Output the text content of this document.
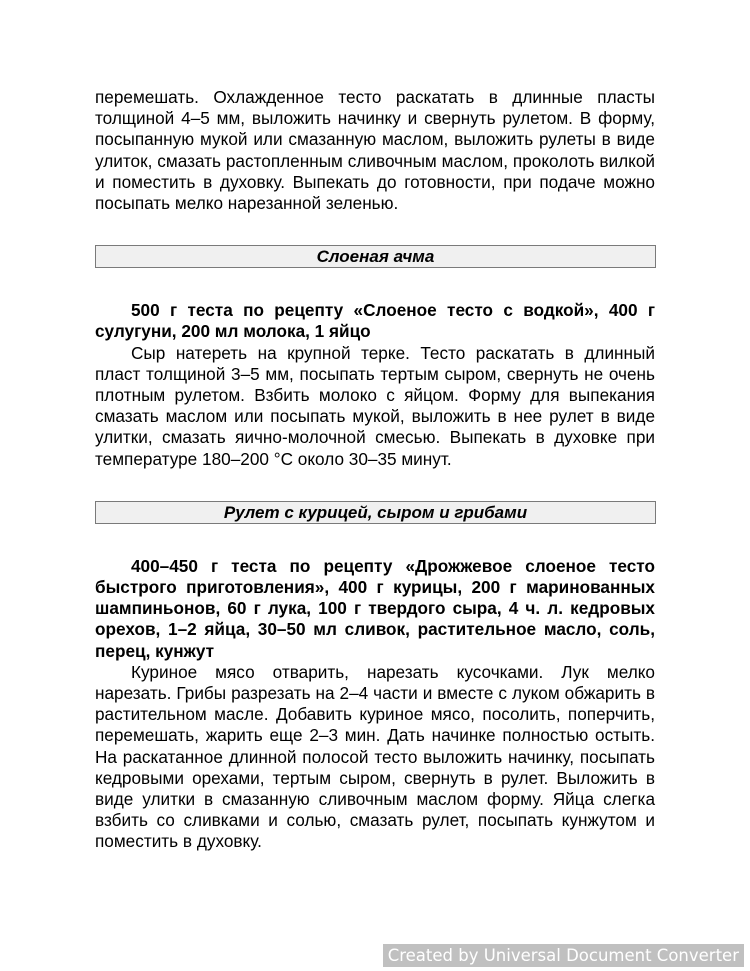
перемешать. Охлажденное тесто раскатать в длинные пласты толщиной 4–5 мм, выложить начинку и свернуть рулетом. В форму, посыпанную мукой или смазанную маслом, выложить рулеты в виде улиток, смазать растопленным сливочным маслом, проколоть вилкой и поместить в духовку. Выпекать до готовности, при подаче можно посыпать мелко нарезанной зеленью.

Слоеная ачма

500 г теста по рецепту «Слоеное тесто с водкой», 400 г сулугуни, 200 мл молока, 1 яйцо

Сыр натереть на крупной терке. Тесто раскатать в длинный пласт толщиной 3–5 мм, посыпать тертым сыром, свернуть не очень плотным рулетом. Взбить молоко с яйцом. Форму для выпекания смазать маслом или посыпать мукой, выложить в нее рулет в виде улитки, смазать яично-молочной смесью. Выпекать в духовке при температуре 180–200 °С около 30–35 минут.

Рулет с курицей, сыром и грибами

400–450 г теста по рецепту «Дрожжевое слоеное тесто быстрого приготовления», 400 г курицы, 200 г маринованных шампиньонов, 60 г лука, 100 г твердого сыра, 4 ч. л. кедровых орехов, 1–2 яйца, 30–50 мл сливок, растительное масло, соль, перец, кунжут

Куриное мясо отварить, нарезать кусочками. Лук мелко нарезать. Грибы разрезать на 2–4 части и вместе с луком обжарить в растительном масле. Добавить куриное мясо, посолить, поперчить, перемешать, жарить еще 2–3 мин. Дать начинке полностью остыть. На раскатанное длинной полосой тесто выложить начинку, посыпать кедровыми орехами, тертым сыром, свернуть в рулет. Выложить в виде улитки в смазанную сливочным маслом форму. Яйца слегка взбить со сливками и солью, смазать рулет, посыпать кунжутом и поместить в духовку.

Created by Universal Document Converter
